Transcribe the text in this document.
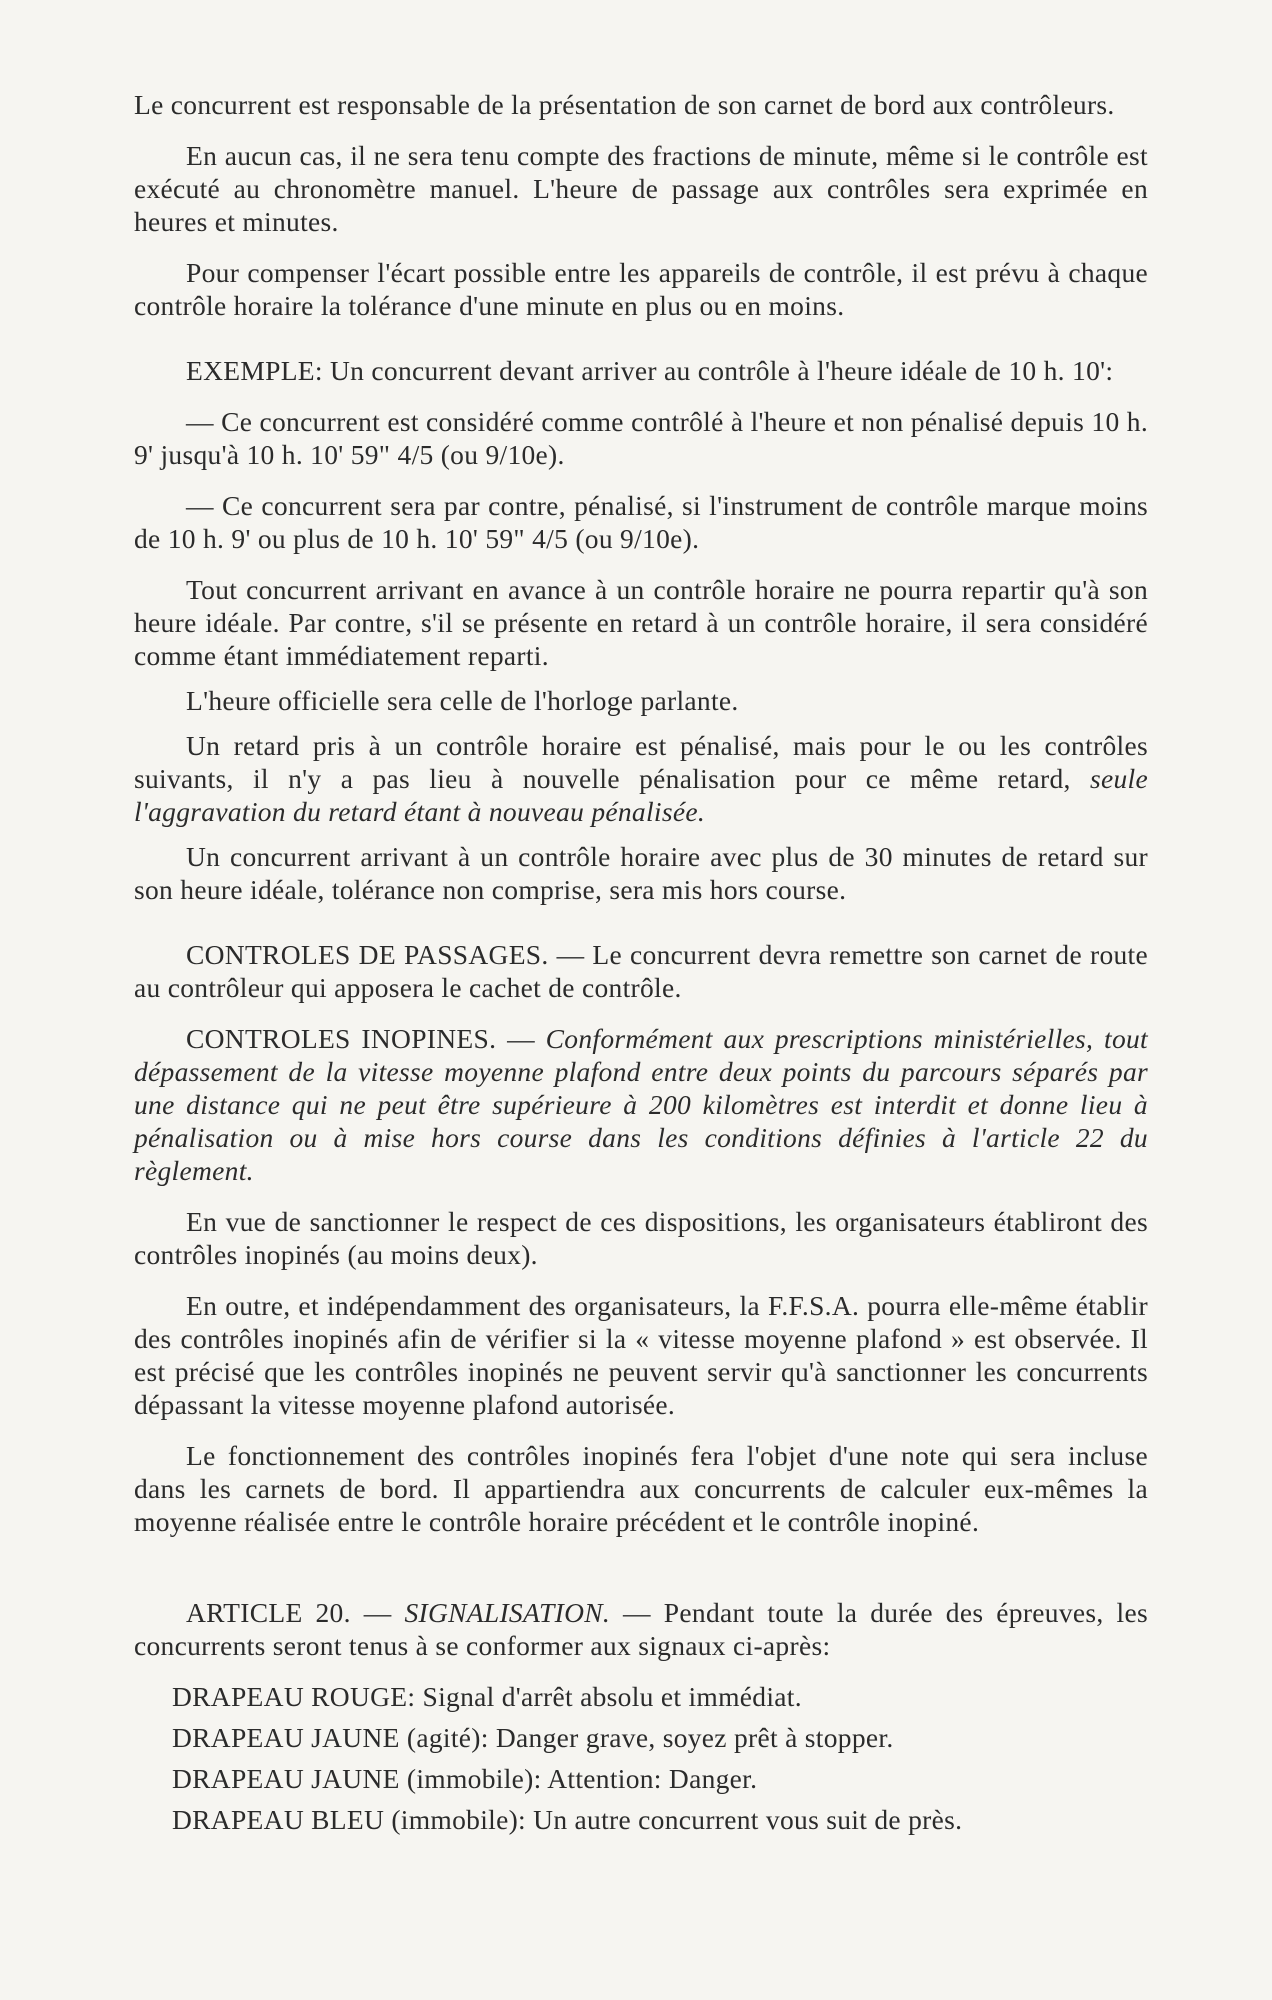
Le concurrent est responsable de la présentation de son carnet de bord aux contrôleurs.

En aucun cas, il ne sera tenu compte des fractions de minute, même si le contrôle est exécuté au chronomètre manuel. L'heure de passage aux contrôles sera exprimée en heures et minutes.

Pour compenser l'écart possible entre les appareils de contrôle, il est prévu à chaque contrôle horaire la tolérance d'une minute en plus ou en moins.

EXEMPLE: Un concurrent devant arriver au contrôle à l'heure idéale de 10 h. 10':

— Ce concurrent est considéré comme contrôlé à l'heure et non pénalisé depuis 10 h. 9' jusqu'à 10 h. 10' 59" 4/5 (ou 9/10e).

— Ce concurrent sera par contre, pénalisé, si l'instrument de contrôle marque moins de 10 h. 9' ou plus de 10 h. 10' 59" 4/5 (ou 9/10e).

Tout concurrent arrivant en avance à un contrôle horaire ne pourra repartir qu'à son heure idéale. Par contre, s'il se présente en retard à un contrôle horaire, il sera considéré comme étant immédiatement reparti.

L'heure officielle sera celle de l'horloge parlante.

Un retard pris à un contrôle horaire est pénalisé, mais pour le ou les contrôles suivants, il n'y a pas lieu à nouvelle pénalisation pour ce même retard, seule l'aggravation du retard étant à nouveau pénalisée.

Un concurrent arrivant à un contrôle horaire avec plus de 30 minutes de retard sur son heure idéale, tolérance non comprise, sera mis hors course.

CONTROLES DE PASSAGES. — Le concurrent devra remettre son carnet de route au contrôleur qui apposera le cachet de contrôle.

CONTROLES INOPINES. — Conformément aux prescriptions ministérielles, tout dépassement de la vitesse moyenne plafond entre deux points du parcours séparés par une distance qui ne peut être supérieure à 200 kilomètres est interdit et donne lieu à pénalisation ou à mise hors course dans les conditions définies à l'article 22 du règlement.

En vue de sanctionner le respect de ces dispositions, les organisateurs établiront des contrôles inopinés (au moins deux).

En outre, et indépendamment des organisateurs, la F.F.S.A. pourra elle-même établir des contrôles inopinés afin de vérifier si la « vitesse moyenne plafond » est observée. Il est précisé que les contrôles inopinés ne peuvent servir qu'à sanctionner les concurrents dépassant la vitesse moyenne plafond autorisée.

Le fonctionnement des contrôles inopinés fera l'objet d'une note qui sera incluse dans les carnets de bord. Il appartiendra aux concurrents de calculer eux-mêmes la moyenne réalisée entre le contrôle horaire précédent et le contrôle inopiné.

ARTICLE 20. — SIGNALISATION. — Pendant toute la durée des épreuves, les concurrents seront tenus à se conformer aux signaux ci-après:

DRAPEAU ROUGE: Signal d'arrêt absolu et immédiat.

DRAPEAU JAUNE (agité): Danger grave, soyez prêt à stopper.

DRAPEAU JAUNE (immobile): Attention: Danger.

DRAPEAU BLEU (immobile): Un autre concurrent vous suit de près.
